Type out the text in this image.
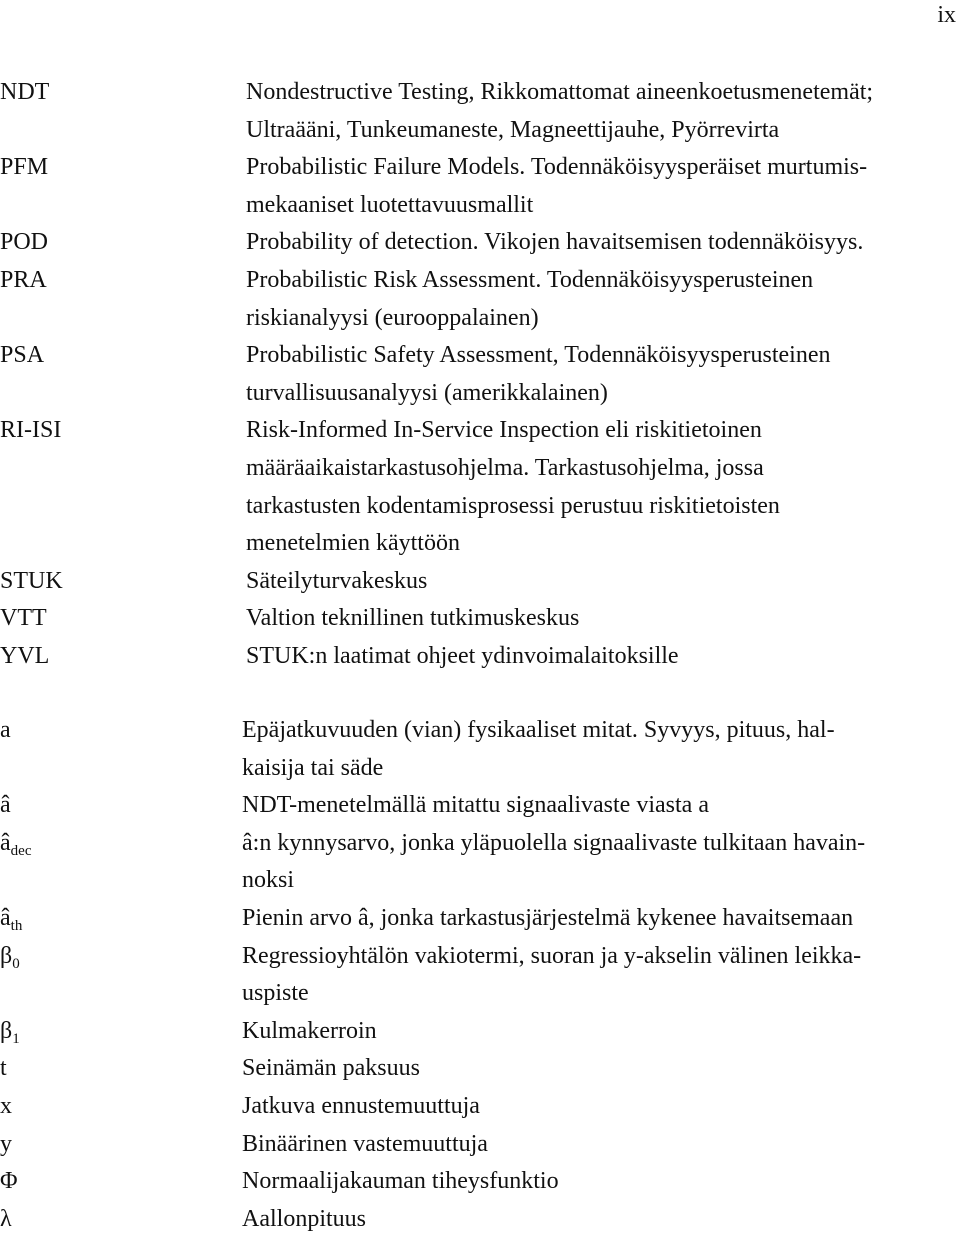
ix
NDT	Nondestructive Testing, Rikkomattomat aineenkoetusmenetemät;
Ultraääni, Tunkeumaneste, Magneettijauhe, Pyörrevirta
PFM	Probabilistic Failure Models. Todennäköisyysperäiset murtumis-
mekaaniset luotettavuusmallit
POD	Probability of detection. Vikojen havaitsemisen todennäköisyys.
PRA	Probabilistic Risk Assessment. Todennäköisyysperusteinen
riskianalyysi (eurooppalainen)
PSA	Probabilistic Safety Assessment, Todennäköisyysperusteinen
turvallisuusanalyysi (amerikkalainen)
RI-ISI	Risk-Informed In-Service Inspection eli riskitietoinen
määräaikaistarkastusohjelma. Tarkastusohjelma, jossa
tarkastusten kodentamisprosessi perustuu riskitietoisten
menetelmien käyttöön
STUK	Säteilyturvakeskus
VTT	Valtion teknillinen tutkimuskeskus
YVL	STUK:n laatimat ohjeet ydinvoimalaitoksille
a	Epäjatkuvuuden (vian) fysikaaliset mitat. Syvyys, pituus, hal-
kaisija tai säde
â	NDT-menetelmällä mitattu signaalivaste viasta a
$â_{dec}$	â:n kynnysarvo, jonka yläpuolella signaalivaste tulkitaan havain-
noksi
$â_{th}$	Pienin arvo â, jonka tarkastusjärjestelmä kykenee havaitsemaan
$\beta_0$	Regressioyhtälön vakiotermi, suoran ja y-akselin välinen leikka-
uspiste
$\beta_1$	Kulmakerroin
t	Seinämän paksuus
x	Jatkuva ennustemuuttuja
y	Binäärinen vastemuuttuja
Φ	Normaalijakauman tiheysfunktio
λ	Aallonpituus
